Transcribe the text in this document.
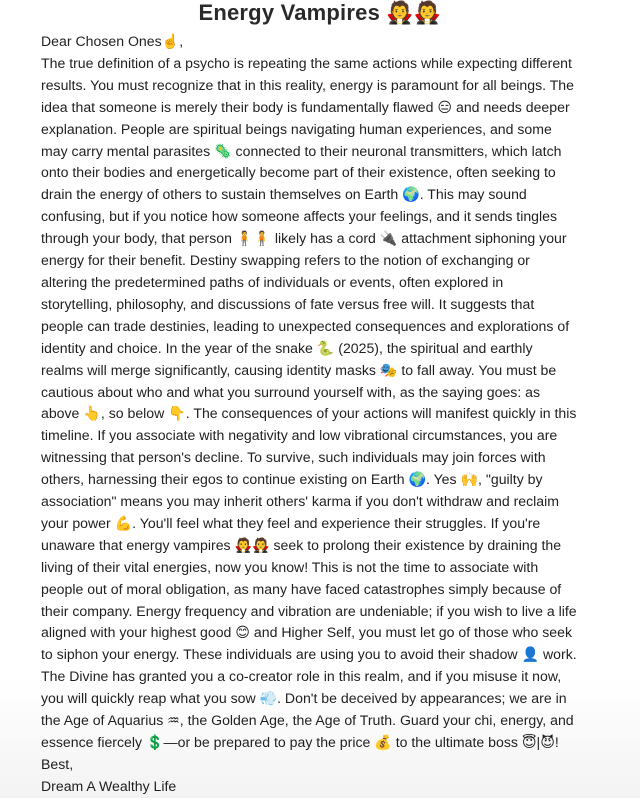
Energy Vampires 🧛🧛
Dear Chosen Ones☝️,
The true definition of a psycho is repeating the same actions while expecting different
results. You must recognize that in this reality, energy is paramount for all beings. The
idea that someone is merely their body is fundamentally flawed 😑 and needs deeper
explanation. People are spiritual beings navigating human experiences, and some
may carry mental parasites 🦠 connected to their neuronal transmitters, which latch
onto their bodies and energetically become part of their existence, often seeking to
drain the energy of others to sustain themselves on Earth 🌍. This may sound
confusing, but if you notice how someone affects your feelings, and it sends tingles
through your body, that person 🧍🧍 likely has a cord 🔌 attachment siphoning your
energy for their benefit. Destiny swapping refers to the notion of exchanging or
altering the predetermined paths of individuals or events, often explored in
storytelling, philosophy, and discussions of fate versus free will. It suggests that
people can trade destinies, leading to unexpected consequences and explorations of
identity and choice. In the year of the snake 🐍 (2025), the spiritual and earthly
realms will merge significantly, causing identity masks 🎭 to fall away. You must be
cautious about who and what you surround yourself with, as the saying goes: as
above 👆, so below 👇. The consequences of your actions will manifest quickly in this
timeline. If you associate with negativity and low vibrational circumstances, you are
witnessing that person's decline. To survive, such individuals may join forces with
others, harnessing their egos to continue existing on Earth 🌍. Yes 🙌, "guilty by
association" means you may inherit others' karma if you don't withdraw and reclaim
your power 💪. You'll feel what they feel and experience their struggles. If you're
unaware that energy vampires 🧛🧛 seek to prolong their existence by draining the
living of their vital energies, now you know! This is not the time to associate with
people out of moral obligation, as many have faced catastrophes simply because of
their company. Energy frequency and vibration are undeniable; if you wish to live a life
aligned with your highest good 😊 and Higher Self, you must let go of those who seek
to siphon your energy. These individuals are using you to avoid their shadow 👤 work.
The Divine has granted you a co-creator role in this realm, and if you misuse it now,
you will quickly reap what you sow 💨. Don't be deceived by appearances; we are in
the Age of Aquarius ♒, the Golden Age, the Age of Truth. Guard your chi, energy, and
essence fiercely 💲—or be prepared to pay the price 💰 to the ultimate boss 😇|😈!
Best,
Dream A Wealthy Life
